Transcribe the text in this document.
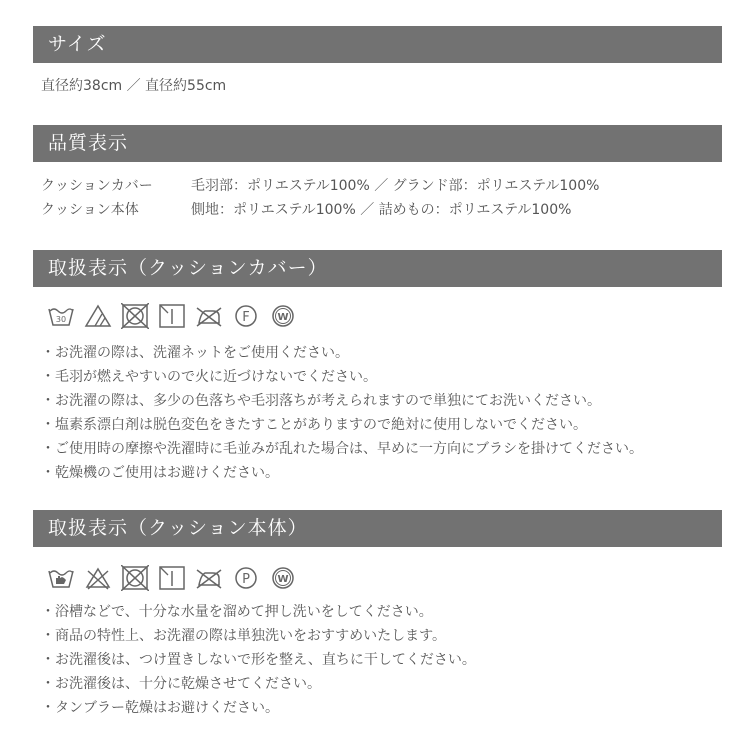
サイズ
直径約38cm ／ 直径約55cm
品質表示
クッションカバー	毛羽部：ポリエステル100% ／ グランド部：ポリエステル100%
クッション本体	側地：ポリエステル100% ／ 詰めもの：ポリエステル100%
取扱表示（クッションカバー）
30	F	W
・お洗濯の際は、洗濯ネットをご使用ください。
・毛羽が燃えやすいので火に近づけないでください。
・お洗濯の際は、多少の色落ちや毛羽落ちが考えられますので単独にてお洗いください。
・塩素系漂白剤は脱色変色をきたすことがありますので絶対に使用しないでください。
・ご使用時の摩擦や洗濯時に毛並みが乱れた場合は、早めに一方向にブラシを掛けてください。
・乾燥機のご使用はお避けください。
取扱表示（クッション本体）
P	W
・浴槽などで、十分な水量を溜めて押し洗いをしてください。
・商品の特性上、お洗濯の際は単独洗いをおすすめいたします。
・お洗濯後は、つけ置きしないで形を整え、直ちに干してください。
・お洗濯後は、十分に乾燥させてください。
・タンブラー乾燥はお避けください。
